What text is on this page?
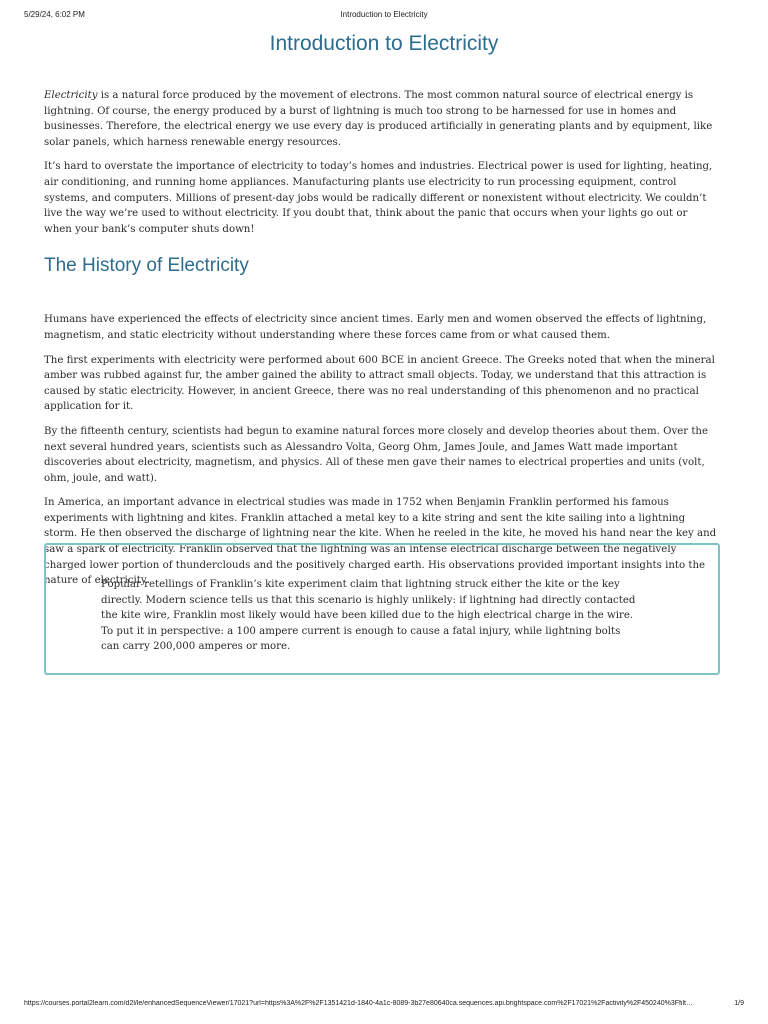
5/29/24, 6:02 PM	Introduction to Electricity
Introduction to Electricity

Electricity is a natural force produced by the movement of electrons. The most common natural source of electrical energy is lightning. Of course, the energy produced by a burst of lightning is much too strong to be harnessed for use in homes and businesses. Therefore, the electrical energy we use every day is produced artificially in generating plants and by equipment, like solar panels, which harness renewable energy resources.

It’s hard to overstate the importance of electricity to today’s homes and industries. Electrical power is used for lighting, heating, air conditioning, and running home appliances. Manufacturing plants use electricity to run processing equipment, control systems, and computers. Millions of present-day jobs would be radically different or nonexistent without electricity. We couldn’t live the way we’re used to without electricity. If you doubt that, think about the panic that occurs when your lights go out or when your bank’s computer shuts down!

The History of Electricity

Humans have experienced the effects of electricity since ancient times. Early men and women observed the effects of lightning, magnetism, and static electricity without understanding where these forces came from or what caused them.

The first experiments with electricity were performed about 600 BCE in ancient Greece. The Greeks noted that when the mineral amber was rubbed against fur, the amber gained the ability to attract small objects. Today, we understand that this attraction is caused by static electricity. However, in ancient Greece, there was no real understanding of this phenomenon and no practical application for it.

By the fifteenth century, scientists had begun to examine natural forces more closely and develop theories about them. Over the next several hundred years, scientists such as Alessandro Volta, Georg Ohm, James Joule, and James Watt made important discoveries about electricity, magnetism, and physics. All of these men gave their names to electrical properties and units (volt, ohm, joule, and watt).

In America, an important advance in electrical studies was made in 1752 when Benjamin Franklin performed his famous experiments with lightning and kites. Franklin attached a metal key to a kite string and sent the kite sailing into a lightning storm. He then observed the discharge of lightning near the kite. When he reeled in the kite, he moved his hand near the key and saw a spark of electricity. Franklin observed that the lightning was an intense electrical discharge between the negatively charged lower portion of thunderclouds and the positively charged earth. His observations provided important insights into the nature of electricity.

Popular retellings of Franklin’s kite experiment claim that lightning struck either the kite or the key directly. Modern science tells us that this scenario is highly unlikely: if lightning had directly contacted the kite wire, Franklin most likely would have been killed due to the high electrical charge in the wire. To put it in perspective: a 100 ampere current is enough to cause a fatal injury, while lightning bolts can carry 200,000 amperes or more.

https://courses.portal2learn.com/d2l/le/enhancedSequenceViewer/17021?url=https%3A%2F%2F1351421d-1840-4a1c-8089-3b27e80640ca.sequences.api.brightspace.com%2F17021%2Factivity%2F450240%3Ffilt…	1/9
